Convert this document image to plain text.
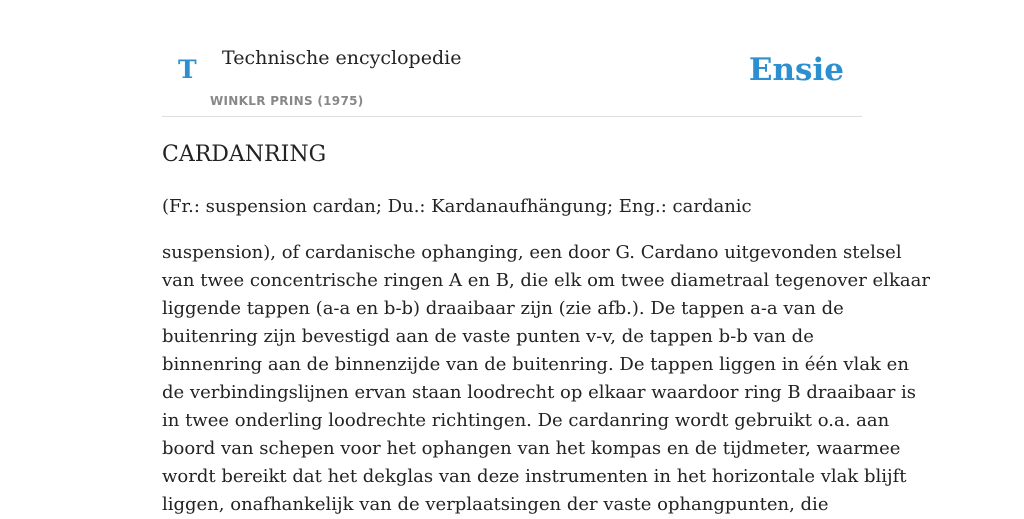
T Technische encyclopedie
WINKLR PRINS (1975)
Ensie
CARDANRING

(Fr.: suspension cardan; Du.: Kardanaufhängung; Eng.: cardanic

suspension), of cardanische ophanging, een door G. Cardano uitgevonden stelsel
van twee concentrische ringen A en B, die elk om twee diametraal tegenover elkaar
liggende tappen (a-a en b-b) draaibaar zijn (zie afb.). De tappen a-a van de
buitenring zijn bevestigd aan de vaste punten v-v, de tappen b-b van de
binnenring aan de binnenzijde van de buitenring. De tappen liggen in één vlak en
de verbindingslijnen ervan staan loodrecht op elkaar waardoor ring B draaibaar is
in twee onderling loodrechte richtingen. De cardanring wordt gebruikt o.a. aan
boord van schepen voor het ophangen van het kompas en de tijdmeter, waarmee
wordt bereikt dat het dekglas van deze instrumenten in het horizontale vlak blijft
liggen, onafhankelijk van de verplaatsingen der vaste ophangpunten, die
